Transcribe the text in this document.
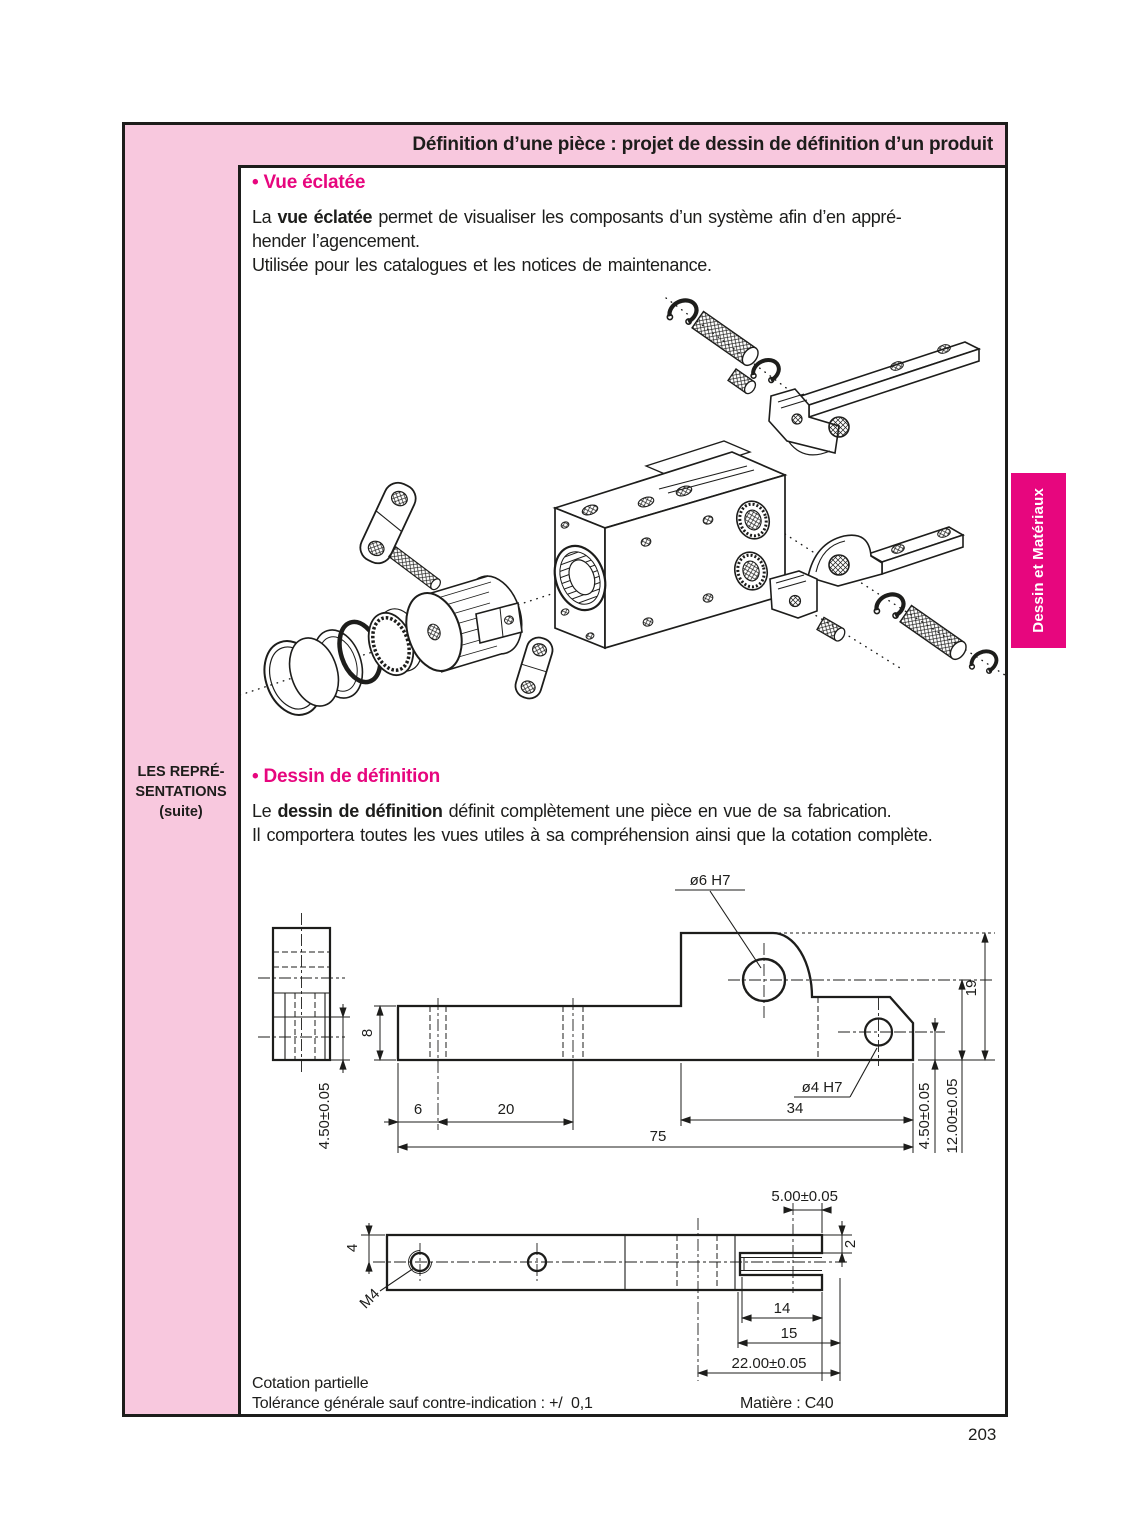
Définition d’une pièce : projet de dessin de définition d’un produit
LES REPRÉ- SENTATIONS (suite)
Dessin et Matériaux
• Vue éclatée
La vue éclatée permet de visualiser les composants d’un système afin d’en appré-
hender l’agencement.
Utilisée pour les catalogues et les notices de maintenance.
• Dessin de définition
Le dessin de définition définit complètement une pièce en vue de sa fabrication.
Il comportera toutes les vues utiles à sa compréhension ainsi que la cotation complète.
ø6 H7
ø4 H7
8
6	20	34
75
19
4.50±0.05	4.50±0.05 12.00±0.05
4
M4
5.00±0.05
2
14
15
22.00±0.05
Cotation partielle
Tolérance générale sauf contre-indication : +/  0,1	Matière : C40
203
